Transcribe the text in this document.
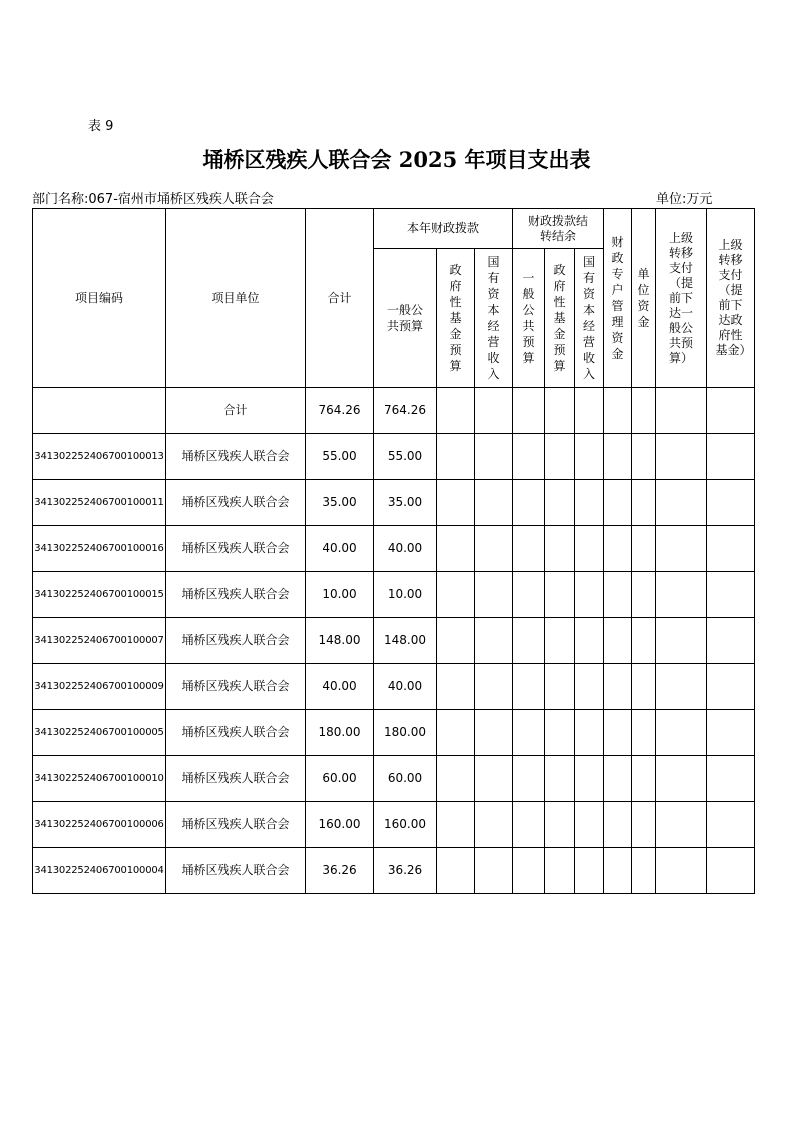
表 9
埇桥区残疾人联合会 2025 年项目支出表
部门名称:067-宿州市埇桥区残疾人联合会	单位:万元
项目编码	项目单位	合计	本年财政拨款			财政拨款结转结余			财政专户管理资金	单位资金	上级转移支付（提前下达一般公共预算）	上级转移支付（提前下达政府性基金）
			一般公共预算	政府性基金预算	国有资本经营收入	一般公共预算	政府性基金预算	国有资本经营收入				
	合计	764.26	764.26									
341302252406700100013	埇桥区残疾人联合会	55.00	55.00									
341302252406700100011	埇桥区残疾人联合会	35.00	35.00									
341302252406700100016	埇桥区残疾人联合会	40.00	40.00									
341302252406700100015	埇桥区残疾人联合会	10.00	10.00									
341302252406700100007	埇桥区残疾人联合会	148.00	148.00									
341302252406700100009	埇桥区残疾人联合会	40.00	40.00									
341302252406700100005	埇桥区残疾人联合会	180.00	180.00									
341302252406700100010	埇桥区残疾人联合会	60.00	60.00									
341302252406700100006	埇桥区残疾人联合会	160.00	160.00									
341302252406700100004	埇桥区残疾人联合会	36.26	36.26									
